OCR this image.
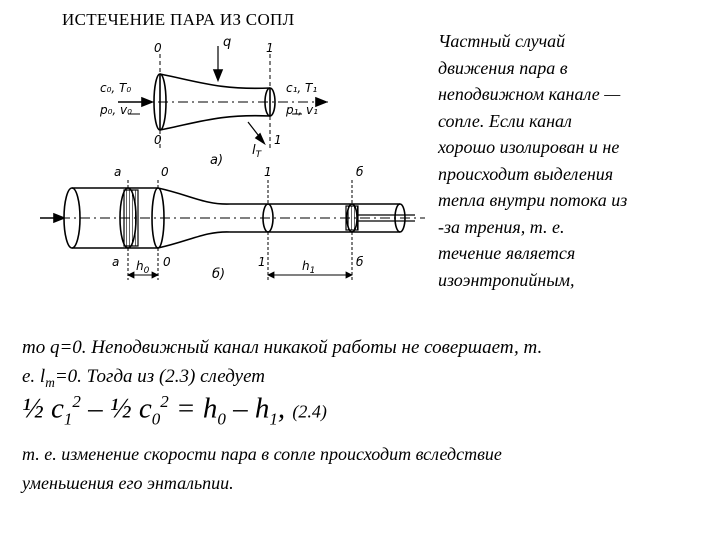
ИСТЕЧЕНИЕ ПАРА ИЗ СОПЛ
0	1
q
c₀, T₀
p₀, v₀
c₁, T₁
p₁, v₁
0	1
$l_T$
а)
а	0	1	б
а $h_0$
0
б)
1	$h_1$
б
Частный случай
движения пара в
неподвижном канале —
сопле. Если канал
хорошо изолирован и не
происходит выделения
тепла внутри потока из
-за трения, т. е.
течение является
изоэнтропийным,
то q=0. Неподвижный канал никакой работы не совершает, т.
е. $l_m=0$. Тогда из (2.3) следует
½ $c_1^2$ – ½ $c_0^2 = h_0 - h_1$, (2.4)
т. е. изменение скорости пара в сопле происходит вследствие
уменьшения его энтальпии.
